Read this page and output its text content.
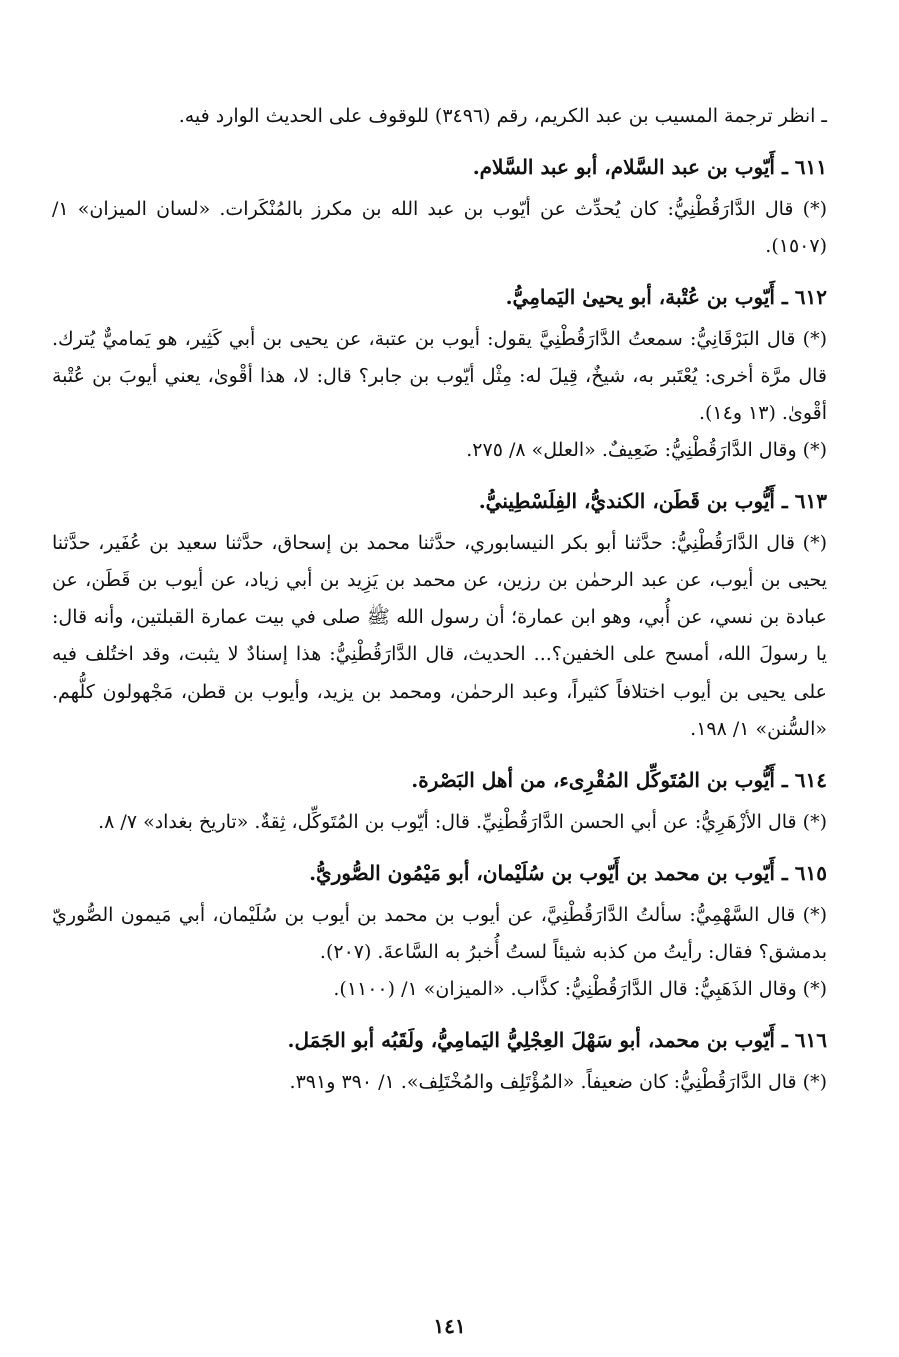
ـ انظر ترجمة المسيب بن عبد الكريم، رقم (٣٤٩٦) للوقوف على الحديث الوارد فيه.

٦١١ ـ أَيّوب بن عبد السَّلام، أبو عبد السَّلام.

(*) قال الدَّارَقُطْنِيُّ: كان يُحدِّث عن أيّوب بن عبد الله بن مكرز بالمُنْكَرات. «لسان الميزان» ١/ (١٥٠٧).

٦١٢ ـ أَيّوب بن عُتْبة، أبو يحيىٰ اليَمامِيُّ.

(*) قال البَرْقَانِيُّ: سمعتُ الدَّارَقُطْنِيَّ يقول: أيوب بن عتبة، عن يحيى بن أبي كَثِير، هو يَماميٌّ يُترك. قال مرَّة أخرى: يُعْتَبر به، شيخٌ، قِيلَ له: مِثْل أيّوب بن جابر؟ قال: لا، هذا أقْوىٰ، يعني أيوبَ بن عُتْبة أقْوىٰ. (١٣ و١٤).

(*) وقال الدَّارَقُطْنِيُّ: ضَعِيفٌ. «العلل» ٨/ ٢٧٥.

٦١٣ ـ أَيُّوب بن قَطَن، الكنديُّ، الفِلَسْطِينيُّ.

(*) قال الدَّارَقُطْنِيُّ: حدَّثنا أبو بكر النيسابوري، حدَّثنا محمد بن إسحاق، حدَّثنا سعيد بن عُفَير، حدَّثنا يحيى بن أيوب، عن عبد الرحمٰن بن رزين، عن محمد بن يَزِيد بن أبي زياد، عن أيوب بن قَطَن، عن عبادة بن نسي، عن أُبي، وهو ابن عمارة؛ أن رسول الله ﷺ صلى في بيت عمارة القبلتين، وأنه قال: يا رسولَ الله، أمسح على الخفين؟... الحديث، قال الدَّارَقُطْنِيُّ: هذا إسنادٌ لا يثبت، وقد اختُلف فيه على يحيى بن أيوب اختلافاً كثيراً، وعبد الرحمٰن، ومحمد بن يزيد، وأيوب بن قطن، مَجْهولون كلُّهم. «السُّنن» ١/ ١٩٨.

٦١٤ ـ أَيُّوب بن المُتَوكِّل المُقْرِىء، من أهل البَصْرة.

(*) قال الأزْهَرِيُّ: عن أبي الحسن الدَّارَقُطْنِيِّ. قال: أيّوب بن المُتَوكِّل، ثِقةٌ. «تاريخ بغداد» ٧/ ٨.

٦١٥ ـ أَيّوب بن محمد بن أَيّوب بن سُلَيْمان، أبو مَيْمُون الصُّوريُّ.

(*) قال السَّهْمِيُّ: سألتُ الدَّارَقُطْنِيَّ، عن أيوب بن محمد بن أيوب بن سُلَيْمان، أبي مَيمون الصُّوريّ بدمشق؟ فقال: رأيتُ من كذبه شيئاً لستُ أُخبرُ به السَّاعةَ. (٢٠٧).

(*) وقال الذَهَبِيُّ: قال الدَّارَقُطْنِيُّ: كذَّاب. «الميزان» ١/ (١١٠٠).

٦١٦ ـ أَيّوب بن محمد، أبو سَهْلَ العِجْلِيُّ اليَمامِيُّ، ولَقَبُه أبو الجَمَل.

(*) قال الدَّارَقُطْنِيُّ: كان ضعيفاً. «المُؤْتَلِف والمُخْتَلِف». ١/ ٣٩٠ و٣٩١.

١٤١
